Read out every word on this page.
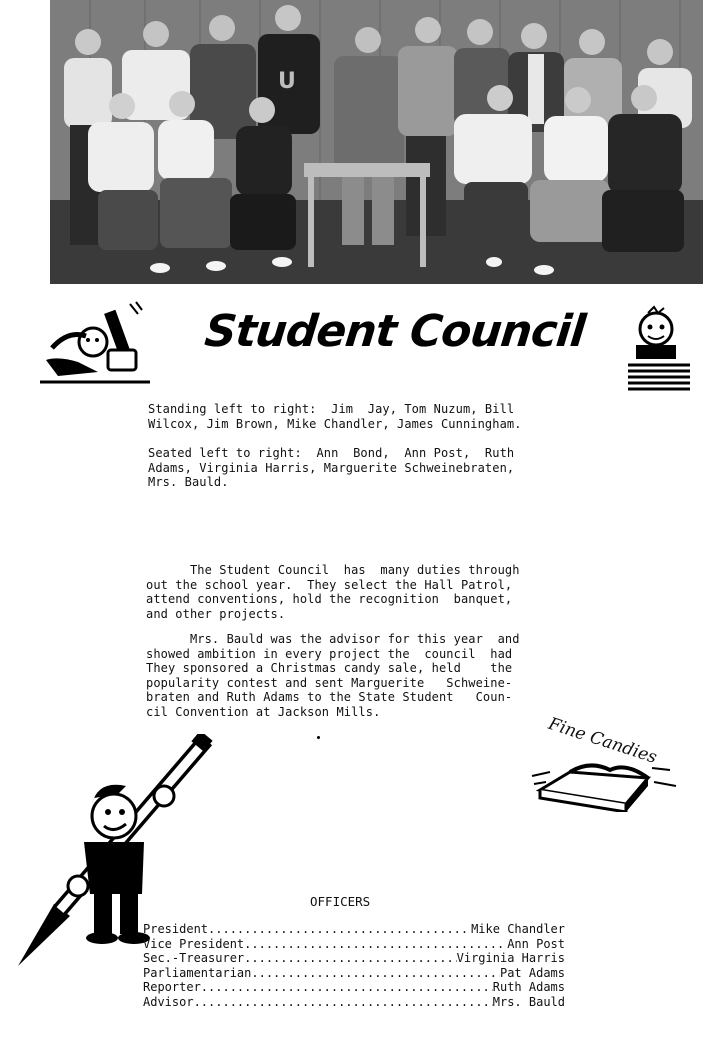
U
Student Council
Standing left to right:  Jim  Jay, Tom Nuzum, Bill
Wilcox, Jim Brown, Mike Chandler, James Cunningham.
Seated left to right:  Ann  Bond,  Ann Post,  Ruth
Adams, Virginia Harris, Marguerite Schweinebraten,
Mrs. Bauld.
The Student Council  has  many duties through
out the school year.  They select the Hall Patrol,
attend conventions, hold the recognition  banquet,
and other projects.
Mrs. Bauld was the advisor for this year  and
showed ambition in every project the  council  had
They sponsored a Christmas candy sale, held    the
popularity contest and sent Marguerite   Schweine-
braten and Ruth Adams to the State Student   Coun-
cil Convention at Jackson Mills.
Fine Candies
OFFICERS
President .....	Mike Chandler
Vice President .....	Ann Post
Sec.-Treasurer .....	Virginia Harris
Parliamentarian .....	Pat Adams
Reporter .....	Ruth Adams
Advisor .....	Mrs. Bauld
